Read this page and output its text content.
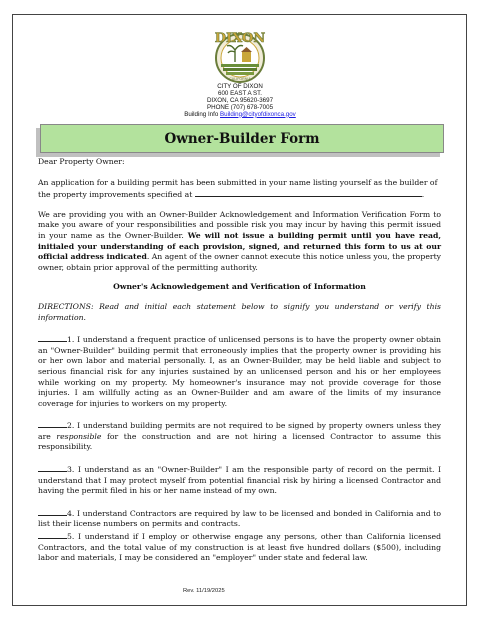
DIXON
CALIFORNIA
CITY OF DIXON
600 EAST A ST.
DIXON, CA 95620-3697
PHONE (707) 678-7005
Building Info Building@cityofdixonca.gov
Owner-Builder Form

Dear Property Owner:

An application for a building permit has been submitted in your name listing yourself as the builder of the property improvements specified at	.

We are providing you with an Owner-Builder Acknowledgement and Information Verification Form to make you aware of your responsibilities and possible risk you may incur by having this permit issued in your name as the Owner-Builder. We will not issue a building permit until you have read, initialed your understanding of each provision, signed, and returned this form to us at our official address indicated. An agent of the owner cannot execute this notice unless you, the property owner, obtain prior approval of the permitting authority.

Owner's Acknowledgement and Verification of Information

DIRECTIONS: Read and initial each statement below to signify you understand or verify this information.

1. I understand a frequent practice of unlicensed persons is to have the property owner obtain an "Owner-Builder" building permit that erroneously implies that the property owner is providing his or her own labor and material personally. I, as an Owner-Builder, may be held liable and subject to serious financial risk for any injuries sustained by an unlicensed person and his or her employees while working on my property. My homeowner's insurance may not provide coverage for those injuries. I am willfully acting as an Owner-Builder and am aware of the limits of my insurance coverage for injuries to workers on my property.

2. I understand building permits are not required to be signed by property owners unless they are responsible for the construction and are not hiring a licensed Contractor to assume this responsibility.

3. I understand as an "Owner-Builder" I am the responsible party of record on the permit. I understand that I may protect myself from potential financial risk by hiring a licensed Contractor and having the permit filed in his or her name instead of my own.

4. I understand Contractors are required by law to be licensed and bonded in California and to list their license numbers on permits and contracts.

5. I understand if I employ or otherwise engage any persons, other than California licensed Contractors, and the total value of my construction is at least five hundred dollars ($500), including labor and materials, I may be considered an "employer" under state and federal law.

Rev. 11/19/2025
